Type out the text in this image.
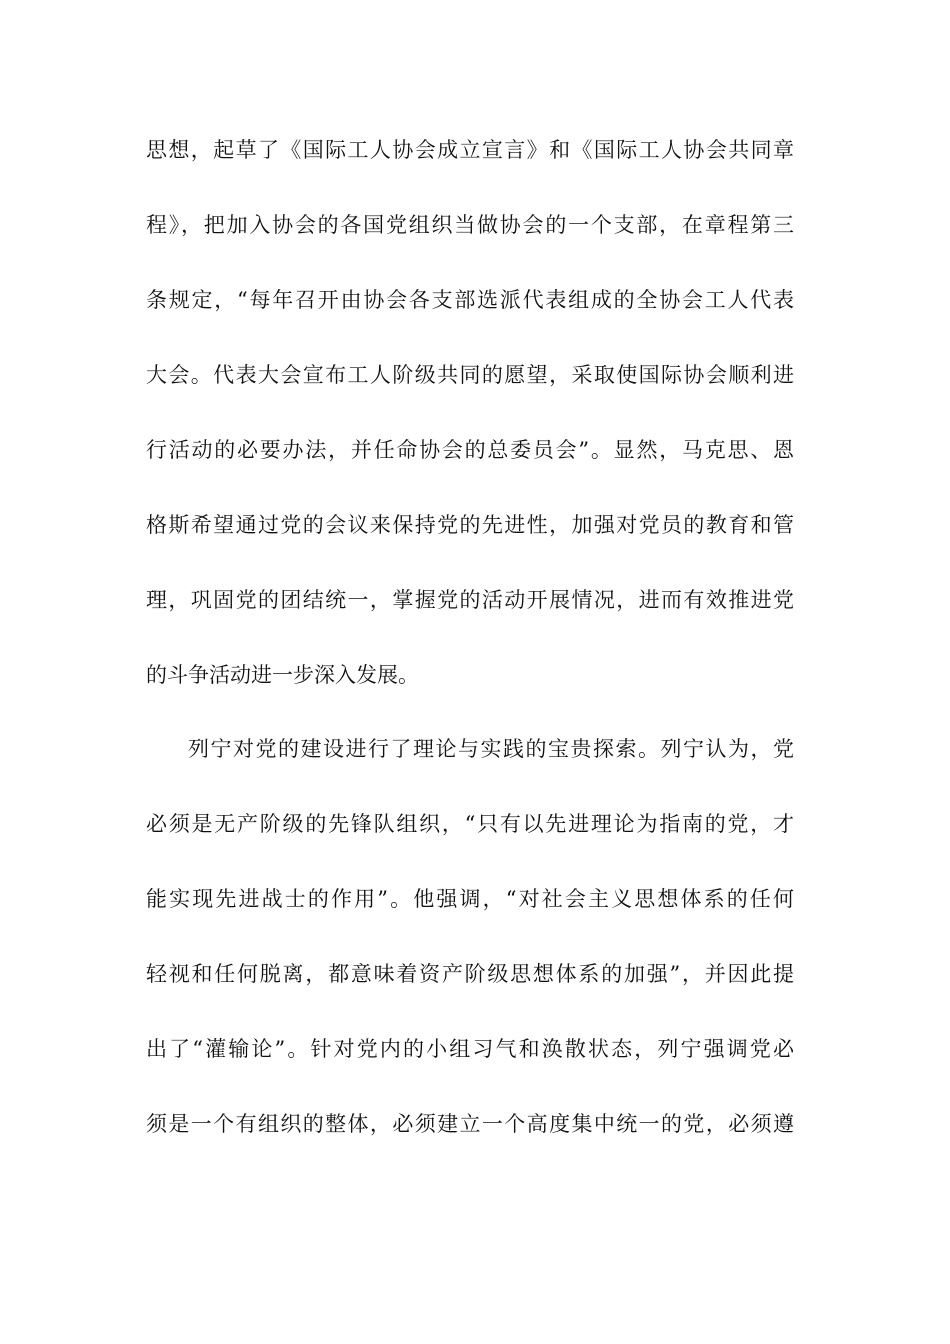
思想，起草了《国际工人协会成立宣言》和《国际工人协会共同章
程》，把加入协会的各国党组织当做协会的一个支部，在章程第三
条规定，“每年召开由协会各支部选派代表组成的全协会工人代表
大会。代表大会宣布工人阶级共同的愿望，采取使国际协会顺利进
行活动的必要办法，并任命协会的总委员会”。显然，马克思、恩
格斯希望通过党的会议来保持党的先进性，加强对党员的教育和管
理，巩固党的团结统一，掌握党的活动开展情况，进而有效推进党
的斗争活动进一步深入发展。
列宁对党的建设进行了理论与实践的宝贵探索。列宁认为，党
必须是无产阶级的先锋队组织，“只有以先进理论为指南的党，才
能实现先进战士的作用”。他强调，“对社会主义思想体系的任何
轻视和任何脱离，都意味着资产阶级思想体系的加强”，并因此提
出了“灌输论”。针对党内的小组习气和涣散状态，列宁强调党必
须是一个有组织的整体，必须建立一个高度集中统一的党，必须遵
